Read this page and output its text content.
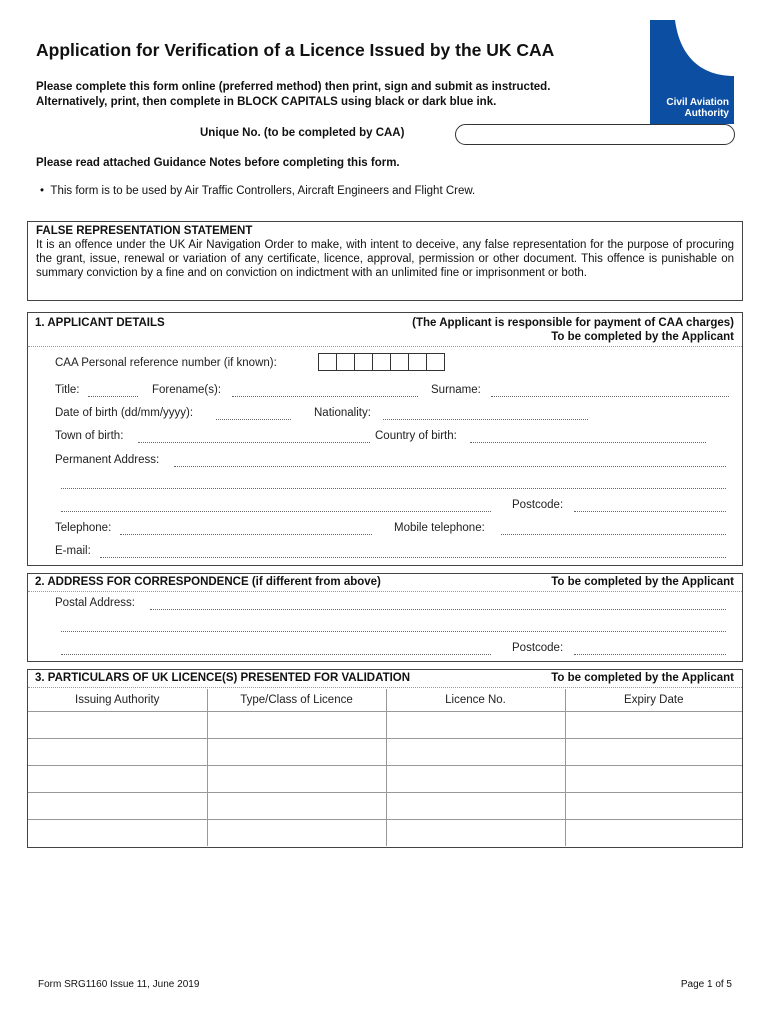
Application for Verification of a Licence Issued by the UK CAA
Please complete this form online (preferred method) then print, sign and submit as instructed.
Alternatively, print, then complete in BLOCK CAPITALS using black or dark blue ink.	Civil Aviation
Authority
Unique No. (to be completed by CAA)
Please read attached Guidance Notes before completing this form.
•  This form is to be used by Air Traffic Controllers, Aircraft Engineers and Flight Crew.
FALSE REPRESENTATION STATEMENT
It is an offence under the UK Air Navigation Order to make, with intent to deceive, any false representation for the purpose of procuring the grant, issue, renewal or variation of any certificate, licence, approval, permission or other document. This offence is punishable on summary conviction by a fine and on conviction on indictment with an unlimited fine or imprisonment or both.
1. APPLICANT DETAILS	(The Applicant is responsible for payment of CAA charges)
To be completed by the Applicant
CAA Personal reference number (if known):
Title:	Forename(s):	Surname:
Date of birth (dd/mm/yyyy):	Nationality:
Town of birth:	Country of birth:
Permanent Address:
Postcode:
Telephone:	Mobile telephone:
E-mail:
2. ADDRESS FOR CORRESPONDENCE (if different from above)	To be completed by the Applicant
Postal Address:
Postcode:
3. PARTICULARS OF UK LICENCE(S) PRESENTED FOR VALIDATION	To be completed by the Applicant
Issuing Authority	Type/Class of Licence	Licence No.	Expiry Date

Form SRG1160 Issue 11, June 2019	Page 1 of 5
